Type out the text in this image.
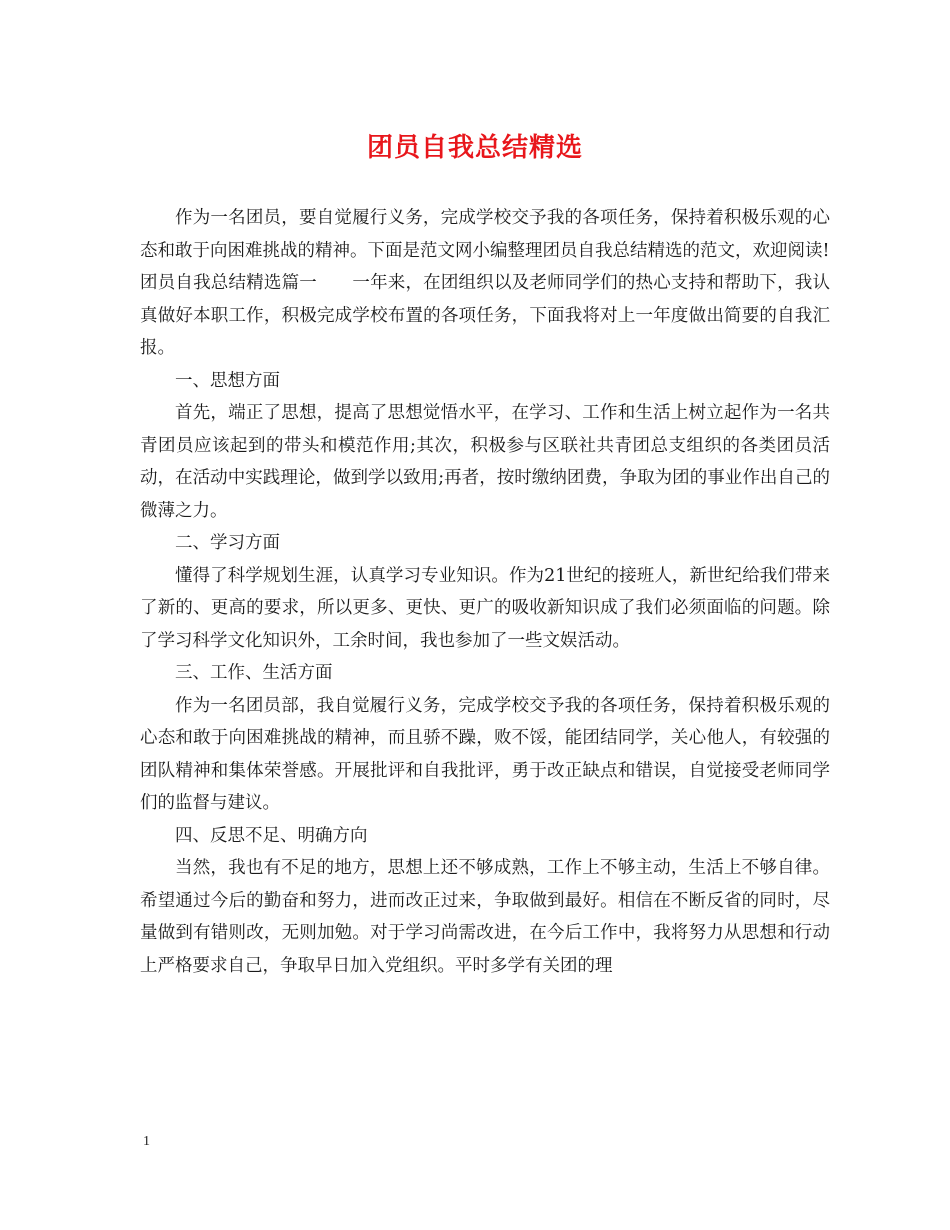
团员自我总结精选

作为一名团员，要自觉履行义务，完成学校交予我的各项任务，保持着积极乐观的心态和敢于向困难挑战的精神。下面是范文网小编整理团员自我总结精选的范文，欢迎阅读!

团员自我总结精选篇一　　一年来，在团组织以及老师同学们的热心支持和帮助下，我认真做好本职工作，积极完成学校布置的各项任务，下面我将对上一年度做出简要的自我汇报。

一、思想方面

首先，端正了思想，提高了思想觉悟水平，在学习、工作和生活上树立起作为一名共青团员应该起到的带头和模范作用;其次，积极参与区联社共青团总支组织的各类团员活动，在活动中实践理论，做到学以致用;再者，按时缴纳团费，争取为团的事业作出自己的微薄之力。

二、学习方面

懂得了科学规划生涯，认真学习专业知识。作为21世纪的接班人，新世纪给我们带来了新的、更高的要求，所以更多、更快、更广的吸收新知识成了我们必须面临的问题。除了学习科学文化知识外，工余时间，我也参加了一些文娱活动。

三、工作、生活方面

作为一名团员部，我自觉履行义务，完成学校交予我的各项任务，保持着积极乐观的心态和敢于向困难挑战的精神，而且骄不躁，败不馁，能团结同学，关心他人，有较强的团队精神和集体荣誉感。开展批评和自我批评，勇于改正缺点和错误，自觉接受老师同学们的监督与建议。

四、反思不足、明确方向

当然，我也有不足的地方，思想上还不够成熟，工作上不够主动，生活上不够自律。希望通过今后的勤奋和努力，进而改正过来，争取做到最好。相信在不断反省的同时，尽量做到有错则改，无则加勉。对于学习尚需改进，在今后工作中，我将努力从思想和行动上严格要求自己，争取早日加入党组织。平时多学有关团的理

1
